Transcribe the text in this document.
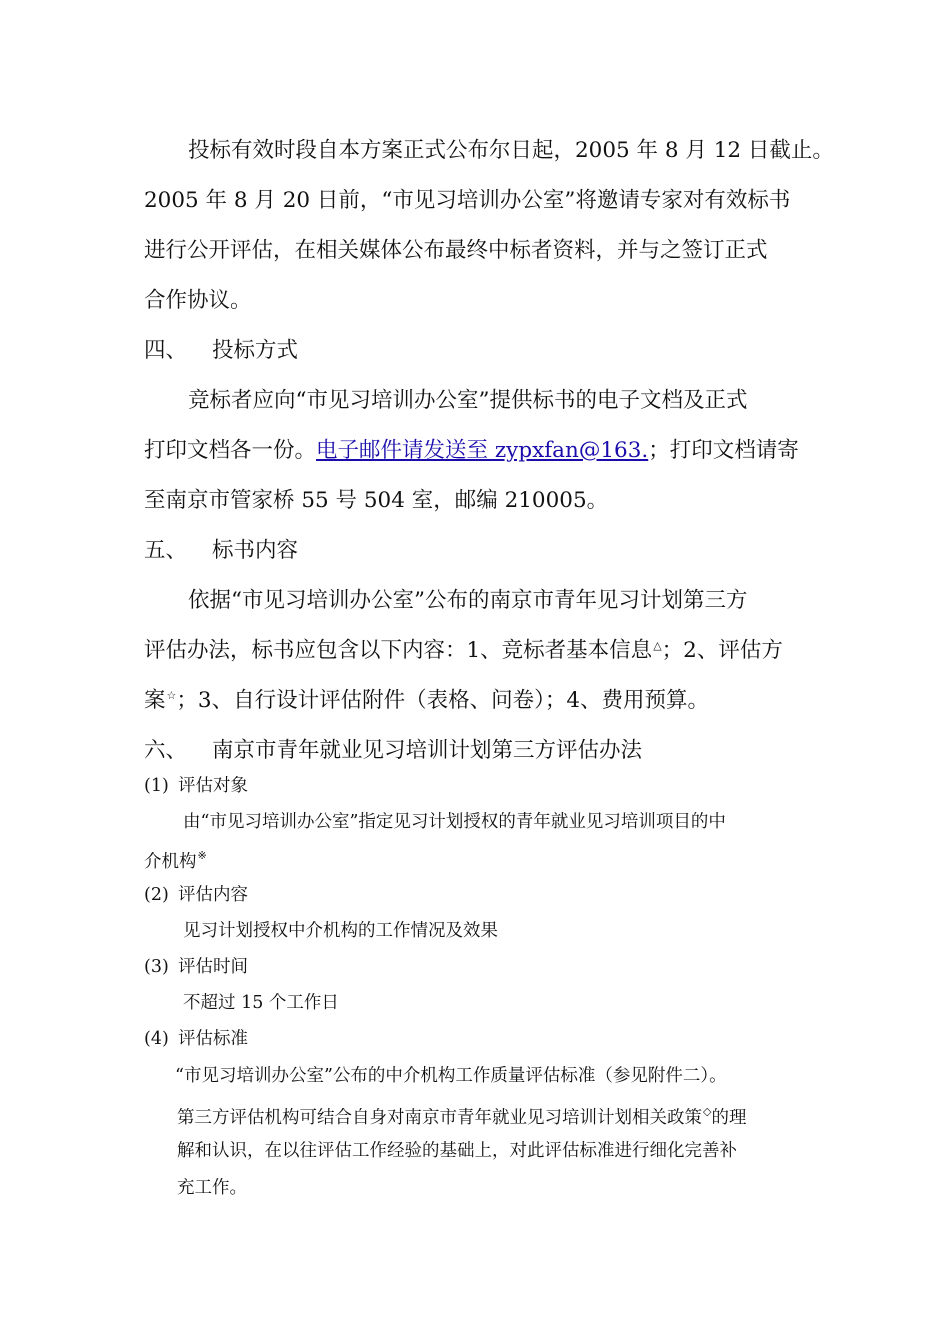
投标有效时段自本方案正式公布尔日起，2005 年 8 月 12 日截止。
2005 年 8 月 20 日前，“市见习培训办公室”将邀请专家对有效标书
进行公开评估，在相关媒体公布最终中标者资料，并与之签订正式
合作协议。
四、 投标方式
竞标者应向“市见习培训办公室”提供标书的电子文档及正式
打印文档各一份。电子邮件请发送至 zypxfan@163.；打印文档请寄
至南京市管家桥 55 号 504 室，邮编 210005。
五、 标书内容
依据“市见习培训办公室”公布的南京市青年见习计划第三方
评估办法，标书应包含以下内容：1、竞标者基本信息△；2、评估方
案☆；3、自行设计评估附件（表格、问卷）；4、费用预算。
六、 南京市青年就业见习培训计划第三方评估办法
(1) 评估对象
由“市见习培训办公室”指定见习计划授权的青年就业见习培训项目的中
介机构※
(2) 评估内容
见习计划授权中介机构的工作情况及效果
(3) 评估时间
不超过 15 个工作日
(4) 评估标准
“市见习培训办公室”公布的中介机构工作质量评估标准（参见附件二）。
第三方评估机构可结合自身对南京市青年就业见习培训计划相关政策◇的理
解和认识，在以往评估工作经验的基础上，对此评估标准进行细化完善补
充工作。
